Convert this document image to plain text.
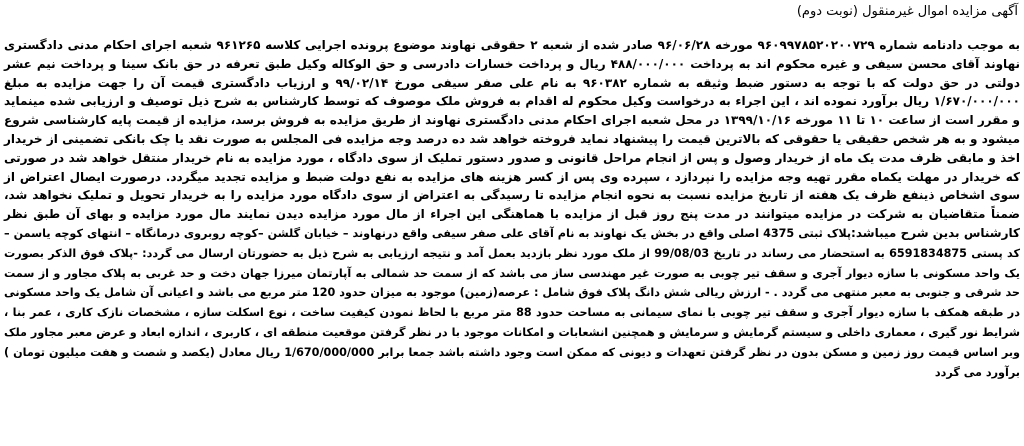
آگهی مزایده اموال غیرمنقول (نوبت دوم)

به موجب دادنامه شماره ۹۶۰۹۹۷۸۵۲۰۲۰۰۷۲۹ مورخه ۹۶/۰۶/۲۸ صادر شده از شعبه ۲ حقوقی نهاوند موضوع پرونده اجرایی کلاسه ۹۶۱۲۶۵ شعبه اجرای احکام مدنی دادگستری نهاوند آقای محسن سیفی و غیره محکوم اند به پرداخت ۴۸۸/۰۰۰/۰۰۰ ریال و پرداخت خسارات دادرسی و حق الوکاله وکیل طبق تعرفه در حق بانک سینا و پرداخت نیم عشر دولتی در حق دولت که با توجه به دستور ضبط وثیقه به شماره ۹۶۰۳۸۲ به نام علی صفر سیفی مورخ ۹۹/۰۲/۱۴ و ارزیاب دادگستری قیمت آن را جهت مزایده به مبلغ ۱/۶۷۰/۰۰۰/۰۰۰ ریال برآورد نموده اند ، این اجراء به درخواست وکیل محکوم له اقدام به فروش ملک موصوف که توسط کارشناس به شرح ذیل توصیف و ارزیابی شده مینماید و مقرر است از ساعت ۱۰ تا ۱۱ مورخه ۱۳۹۹/۱۰/۱۶ در محل شعبه اجرای احکام مدنی دادگستری نهاوند از طریق مزایده به فروش برسد، مزایده از قیمت پایه کارشناسی شروع میشود و به هر شخص حقیقی یا حقوقی که بالاترین قیمت را پیشنهاد نماید فروخته خواهد شد ده درصد وجه مزایده فی المجلس به صورت نقد یا چک بانکی تضمینی از خریدار اخذ و مابقی ظرف مدت یک ماه از خریدار وصول و پس از انجام مراحل قانونی و صدور دستور تملیک از سوی دادگاه ، مورد مزایده به نام خریدار منتقل خواهد شد در صورتی که خریدار در مهلت یکماه مقرر تهیه وجه مزایده را نپردازد ، سپرده وی پس از کسر هزینه های مزایده به نفع دولت ضبط و مزایده تجدید میگردد. درصورت ایصال اعتراض از سوی اشخاص ذینفع ظرف یک هفته از تاریخ مزایده نسبت به نحوه انجام مزایده تا رسیدگی به اعتراض از سوی دادگاه مورد مزایده را به خریدار تحویل و تملیک نخواهد شد، ضمناً متقاضیان به شرکت در مزایده میتوانند در مدت پنج روز قبل از مزایده با هماهنگی این اجراء از مال مورد مزایده دیدن نمایند مال مورد مزایده و بهای آن طبق نظر کارشناس بدین شرح میباشد:پلاک ثبتی 4375 اصلی واقع در بخش یک نهاوند به نام آقای علی صفر سیفی واقع درنهاوند – خیابان گلشن –کوچه روبروی درمانگاه – انتهای کوچه یاسمن – کد پستی 6591834875 به استحضار می رساند در تاریخ 99/08/03 از ملک مورد نظر بازدید بعمل آمد و نتیجه ارزیابی به شرح ذیل به حضورتان ارسال می گردد: -پلاک فوق الذکر بصورت یک واحد مسکونی با سازه دیوار آجری و سقف تیر چوبی به صورت غیر مهندسی ساز می باشد که از سمت حد شمالی به آپارتمان میرزا جهان دخت و حد غربی به پلاک مجاور و از سمت حد شرقی و جنوبی به معبر منتهی می گردد . - ارزش ریالی شش دانگ پلاک فوق شامل : عرصه(زمین) موجود به میزان حدود 120 متر مربع می باشد و اعیانی آن شامل یک واحد مسکونی در طبقه همکف با سازه دیوار آجری و سقف تیر چوبی با نمای سیمانی به مساحت حدود 88 متر مربع با لحاظ نمودن کیفیت ساخت ، نوع اسکلت سازه ، مشخصات نازک کاری ، عمر بنا ، شرایط نور گیری ، معماری داخلی و سیستم گرمایش و سرمایش و همچنین انشعابات و امکانات موجود با در نظر گرفتن موقعیت منطقه ای ، کاربری ، اندازه ابعاد و عرض معبر مجاور ملک وبر اساس قیمت روز زمین و مسکن بدون در نظر گرفتن تعهدات و دیونی که ممکن است وجود داشته باشد جمعا برابر 1/670/000/000 ریال معادل (یکصد و شصت و هفت میلیون تومان ) برآورد می گردد
